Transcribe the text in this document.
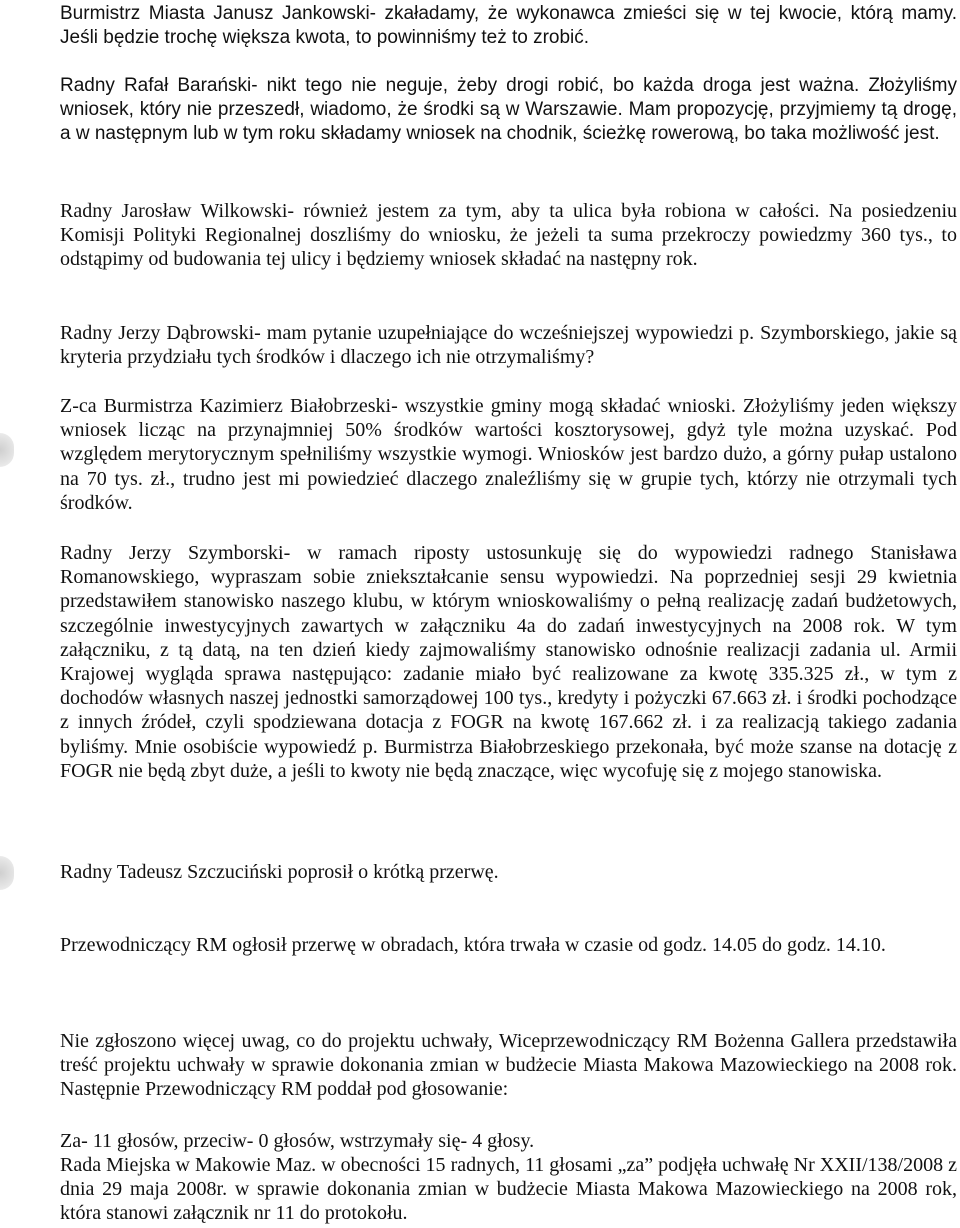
Burmistrz Miasta Janusz Jankowski- zkaładamy, że wykonawca zmieści się w tej kwocie, którą mamy. Jeśli będzie trochę większa kwota, to powinniśmy też to zrobić.

Radny Rafał Barański- nikt tego nie neguje, żeby drogi robić, bo każda droga jest ważna. Złożyliśmy wniosek, który nie przeszedł, wiadomo, że środki są w Warszawie. Mam propozycję, przyjmiemy tą drogę, a w następnym lub w tym roku składamy wniosek na chodnik, ścieżkę rowerową, bo taka możliwość jest.

Radny Jarosław Wilkowski- również jestem za tym, aby ta ulica była robiona w całości. Na posiedzeniu Komisji Polityki Regionalnej doszliśmy do wniosku, że jeżeli ta suma przekroczy powiedzmy 360 tys., to odstąpimy od budowania tej ulicy i będziemy wniosek składać na następny rok.

Radny Jerzy Dąbrowski- mam pytanie uzupełniające do wcześniejszej wypowiedzi p. Szymborskiego, jakie są kryteria przydziału tych środków i dlaczego ich nie otrzymaliśmy?

Z-ca Burmistrza Kazimierz Białobrzeski- wszystkie gminy mogą składać wnioski. Złożyliśmy jeden większy wniosek licząc na przynajmniej 50% środków wartości kosztorysowej, gdyż tyle można uzyskać. Pod względem merytorycznym spełniliśmy wszystkie wymogi. Wniosków jest bardzo dużo, a górny pułap ustalono na 70 tys. zł., trudno jest mi powiedzieć dlaczego znaleźliśmy się w grupie tych, którzy nie otrzymali tych środków.

Radny Jerzy Szymborski- w ramach riposty ustosunkuję się do wypowiedzi radnego Stanisława Romanowskiego, wypraszam sobie zniekształcanie sensu wypowiedzi. Na poprzedniej sesji 29 kwietnia przedstawiłem stanowisko naszego klubu, w którym wnioskowaliśmy o pełną realizację zadań budżetowych, szczególnie inwestycyjnych zawartych w załączniku 4a do zadań inwestycyjnych na 2008 rok. W tym załączniku, z tą datą, na ten dzień kiedy zajmowaliśmy stanowisko odnośnie realizacji zadania ul. Armii Krajowej wygląda sprawa następująco: zadanie miało być realizowane za kwotę 335.325 zł., w tym z dochodów własnych naszej jednostki samorządowej 100 tys., kredyty i pożyczki 67.663 zł. i środki pochodzące z innych źródeł, czyli spodziewana dotacja z FOGR na kwotę 167.662 zł. i za realizacją takiego zadania byliśmy. Mnie osobiście wypowiedź p. Burmistrza Białobrzeskiego przekonała, być może szanse na dotację z FOGR nie będą zbyt duże, a jeśli to kwoty nie będą znaczące, więc wycofuję się z mojego stanowiska.

Radny Tadeusz Szczuciński poprosił o krótką przerwę.

Przewodniczący RM ogłosił przerwę w obradach, która trwała w czasie od godz. 14.05 do godz. 14.10.

Nie zgłoszono więcej uwag, co do projektu uchwały, Wiceprzewodniczący RM Bożenna Gallera przedstawiła treść projektu uchwały w sprawie dokonania zmian w budżecie Miasta Makowa Mazowieckiego na 2008 rok. Następnie Przewodniczący RM poddał pod głosowanie:

Za- 11 głosów, przeciw- 0 głosów, wstrzymały się- 4 głosy.

Rada Miejska w Makowie Maz. w obecności 15 radnych, 11 głosami „za” podjęła uchwałę Nr XXII/138/2008 z dnia 29 maja 2008r. w sprawie dokonania zmian w budżecie Miasta Makowa Mazowieckiego na 2008 rok, która stanowi załącznik nr 11 do protokołu.
